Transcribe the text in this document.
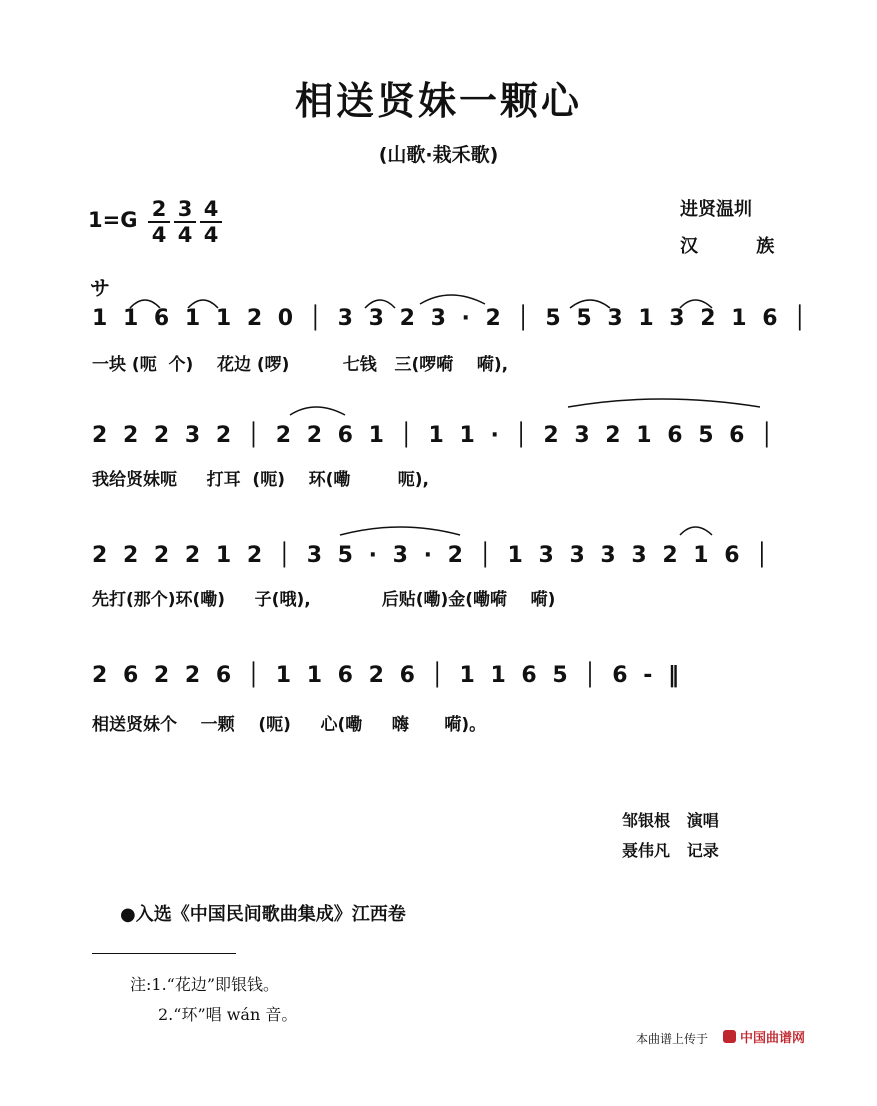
相送贤妹一颗心
(山歌·栽禾歌)
$1=G \frac{2}{4} \frac{3}{4} \frac{4}{4}$	进贤温圳
汉	族
サ
1 1 6 1 1 2 0 │ 3 3 2 3 · 2 │ 5 5 3 1 3 2 1 6 │
一块 (呃  个)    花边 (啰)         七钱   三(啰嗬    嗬),
2 2 2 3 2 │ 2 2 6 1 │ 1 1 · │ 2 3 2 1 6 5 6 │
我给贤妹呃     打耳  (呃)    环(嘞        呃),
2 2 2 2 1 2 │ 3 5 · 3 · 2 │ 1 3 3 3 3 2 1 6 │
先打(那个)环(嘞)     子(哦),            后贴(嘞)金(嘞嗬    嗬)
2 6 2 2 6 │ 1 1 6 2 6 │ 1 1 6 5 │ 6 - ‖
相送贤妹个    一颗    (呃)     心(嘞     嗨      嗬)。
邹银根 演唱
聂伟凡 记录
●入选《中国民间歌曲集成》江西卷
注:1.“花边”即银钱。
2.“环”唱 wán 音。
本曲谱上传于 中国曲谱网
